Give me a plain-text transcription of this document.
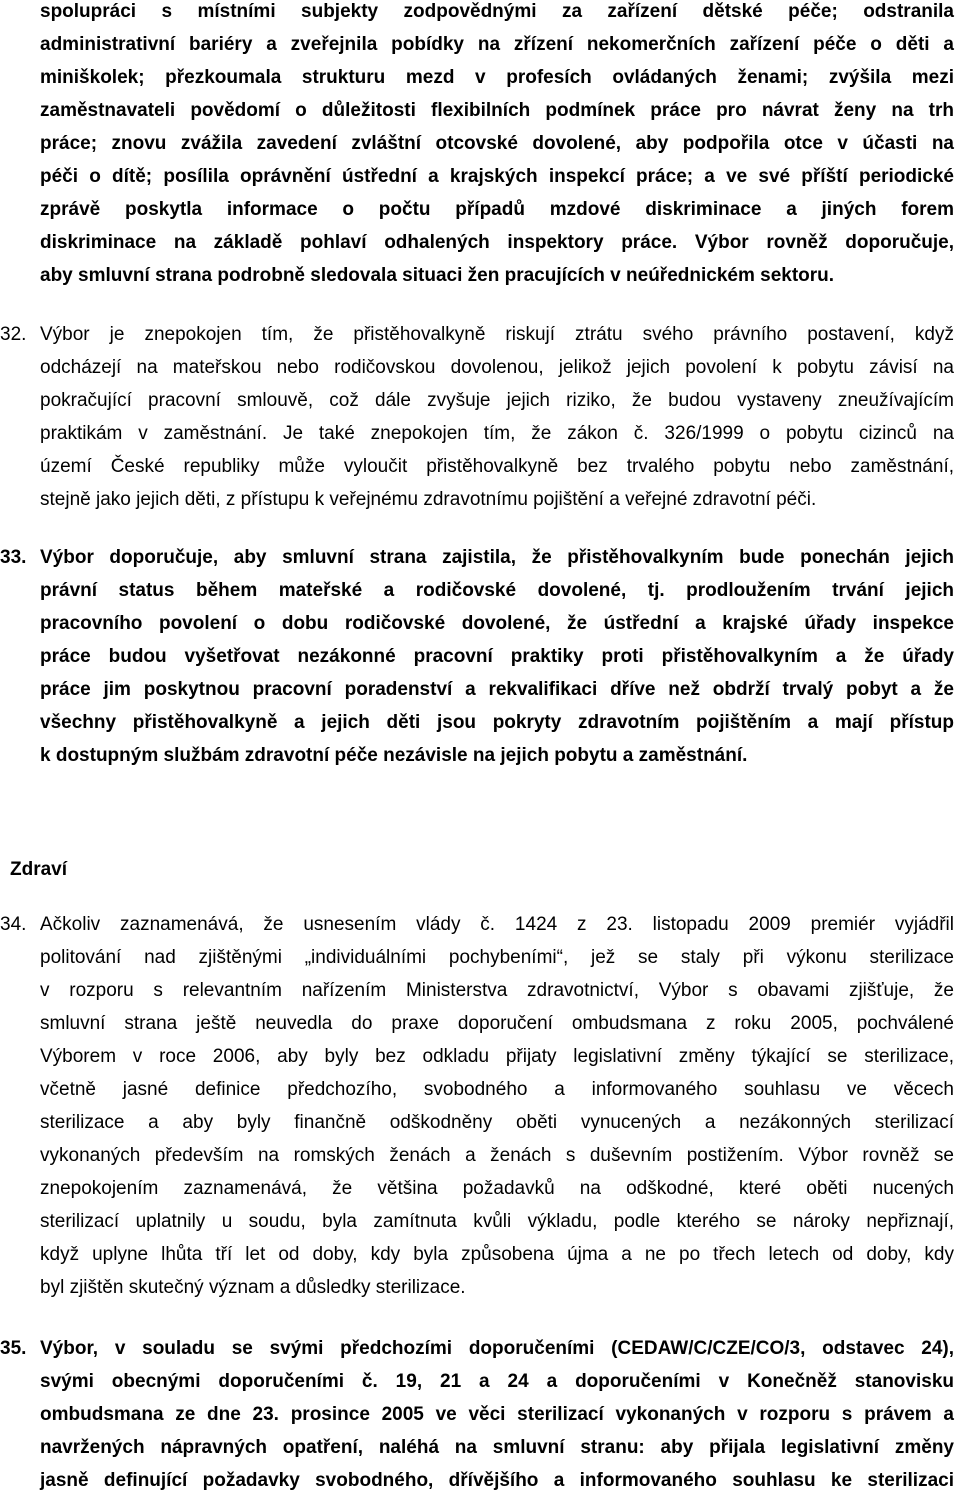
spolupráci s místními subjekty zodpovědnými za zařízení dětské péče; odstranila
administrativní bariéry a zveřejnila pobídky na zřízení nekomerčních zařízení péče o děti a
miniškolek; přezkoumala strukturu mezd v profesích ovládaných ženami; zvýšila mezi
zaměstnavateli povědomí o důležitosti flexibilních podmínek práce pro návrat ženy na trh
práce; znovu zvážila zavedení zvláštní otcovské dovolené, aby podpořila otce v účasti na
péči o dítě; posílila oprávnění ústřední a krajských inspekcí práce; a ve své příští periodické
zprávě poskytla informace o počtu případů mzdové diskriminace a jiných forem
diskriminace na základě pohlaví odhalených inspektory práce. Výbor rovněž doporučuje,
aby smluvní strana podrobně sledovala situaci žen pracujících v neúřednickém sektoru.
32. Výbor je znepokojen tím, že přistěhovalkyně riskují ztrátu svého právního postavení, když
odcházejí na mateřskou nebo rodičovskou dovolenou, jelikož jejich povolení k pobytu závisí na
pokračující pracovní smlouvě, což dále zvyšuje jejich riziko, že budou vystaveny zneužívajícím
praktikám v zaměstnání. Je také znepokojen tím, že zákon č. 326/1999 o pobytu cizinců na
území České republiky může vyloučit přistěhovalkyně bez trvalého pobytu nebo zaměstnání,
stejně jako jejich děti, z přístupu k veřejnému zdravotnímu pojištění a veřejné zdravotní péči.
33. Výbor doporučuje, aby smluvní strana zajistila, že přistěhovalkyním bude ponechán jejich
právní status během mateřské a rodičovské dovolené, tj. prodloužením trvání jejich
pracovního povolení o dobu rodičovské dovolené, že ústřední a krajské úřady inspekce
práce budou vyšetřovat nezákonné pracovní praktiky proti přistěhovalkyním a že úřady
práce jim poskytnou pracovní poradenství a rekvalifikaci dříve než obdrží trvalý pobyt a že
všechny přistěhovalkyně a jejich děti jsou pokryty zdravotním pojištěním a mají přístup
k dostupným službám zdravotní péče nezávisle na jejich pobytu a zaměstnání.
Zdraví
34. Ačkoliv zaznamenává, že usnesením vlády č. 1424 z 23. listopadu 2009 premiér vyjádřil
politování nad zjištěnými „individuálními pochybeními“, jež se staly při výkonu sterilizace
v rozporu s relevantním nařízením Ministerstva zdravotnictví, Výbor s obavami zjišťuje, že
smluvní strana ještě neuvedla do praxe doporučení ombudsmana z roku 2005, pochválené
Výborem v roce 2006, aby byly bez odkladu přijaty legislativní změny týkající se sterilizace,
včetně jasné definice předchozího, svobodného a informovaného souhlasu ve věcech
sterilizace a aby byly finančně odškodněny oběti vynucených a nezákonných sterilizací
vykonaných především na romských ženách a ženách s duševním postižením. Výbor rovněž se
znepokojením zaznamenává, že většina požadavků na odškodné, které oběti nucených
sterilizací uplatnily u soudu, byla zamítnuta kvůli výkladu, podle kterého se nároky nepřiznají,
když uplyne lhůta tří let od doby, kdy byla způsobena újma a ne po třech letech od doby, kdy
byl zjištěn skutečný význam a důsledky sterilizace.
35. Výbor, v souladu se svými předchozími doporučeními (CEDAW/C/CZE/CO/3, odstavec 24),
svými obecnými doporučeními č. 19, 21 a 24 a doporučeními v Konečněž stanovisku
ombudsmana ze dne 23. prosince 2005 ve věci sterilizací vykonaných v rozporu s právem a
navržených nápravných opatření, naléhá na smluvní stranu: aby přijala legislativní změny
jasně definující požadavky svobodného, dřívějšího a informovaného souhlasu ke sterilizaci
